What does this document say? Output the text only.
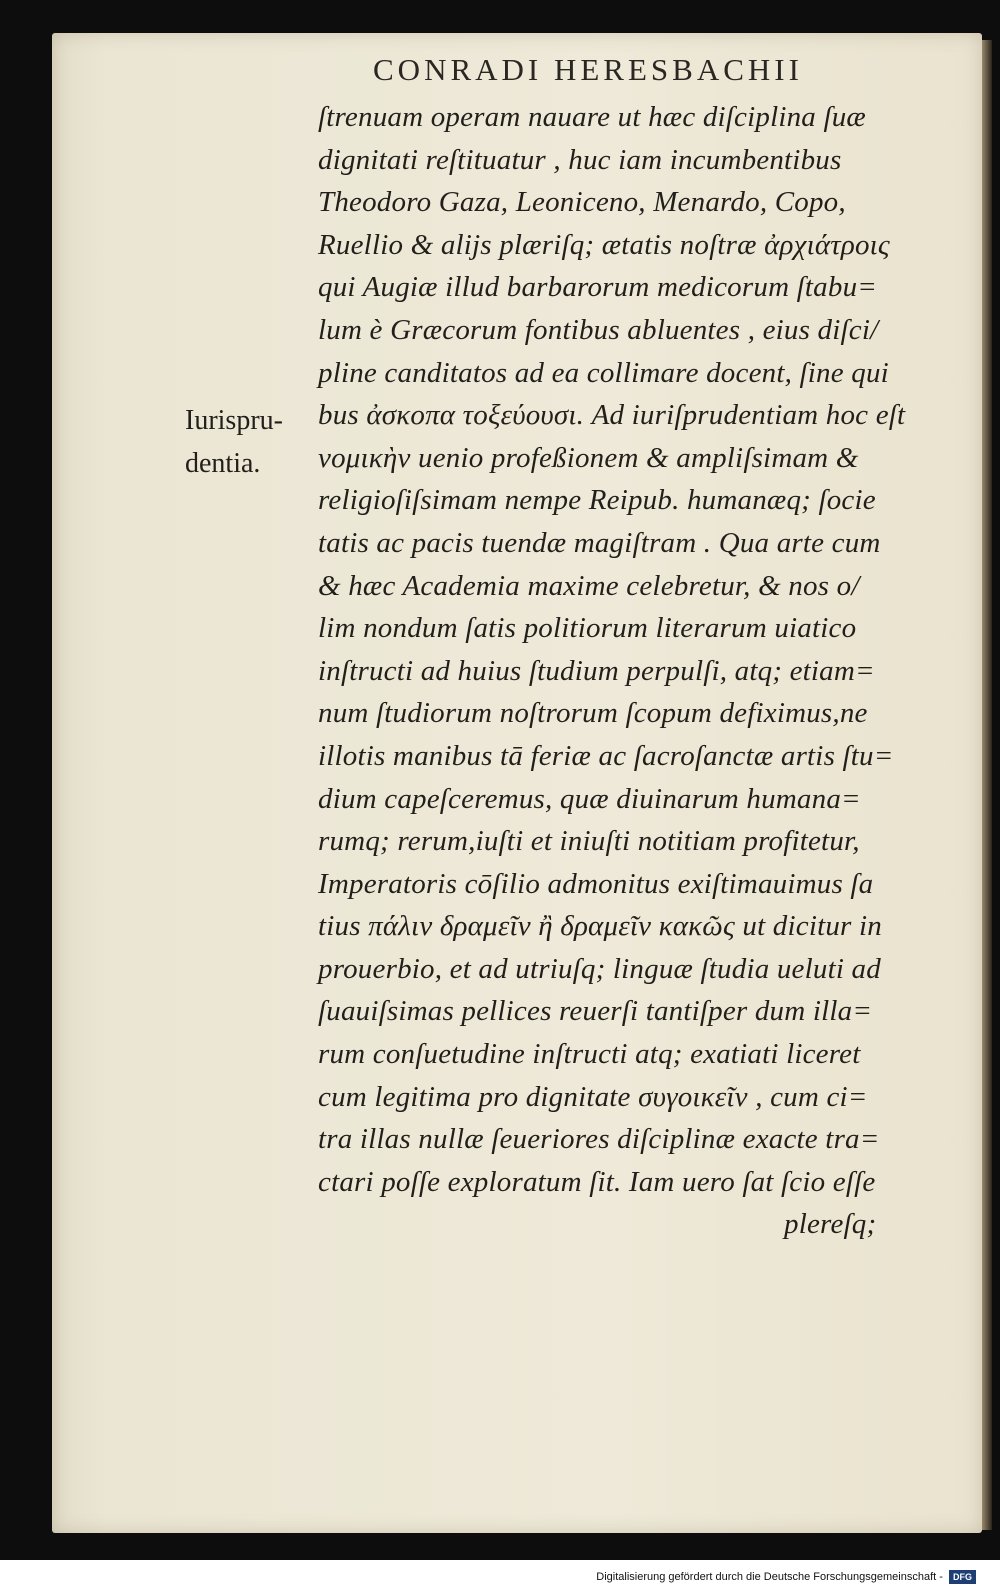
CONRADI HERESBACHII
Iurispru-
dentia.
ſtrenuam operam nauare ut hæc diſciplina ſuæ
dignitati reſtituatur , huc iam incumbentibus
Theodoro Gaza, Leoniceno, Menardo, Copo,
Ruellio & alijs plæriſq; ætatis noſtræ ἀρχιάτροις
qui Augiæ illud barbarorum medicorum ſtabu=
lum è Græcorum fontibus abluentes , eius diſci/
pline canditatos ad ea collimare docent, ſine qui
bus ἀσκοπα τοξεύουσι. Ad iuriſprudentiam hoc eſt
νομικὴν uenio profeßionem & ampliſsimam &
religioſiſsimam nempe Reipub. humanæq; ſocie
tatis ac pacis tuendæ magiſtram . Qua arte cum
& hæc Academia maxime celebretur, & nos o/
lim nondum ſatis politiorum literarum uiatico
inſtructi ad huius ſtudium perpulſi, atq; etiam=
num ſtudiorum noſtrorum ſcopum defiximus,ne
illotis manibus tā feriæ ac ſacroſanctæ artis ſtu=
dium capeſceremus, quæ diuinarum humana=
rumq; rerum,iuſti et iniuſti notitiam profitetur,
Imperatoris cōſilio admonitus exiſtimauimus ſa
tius πάλιν δραμεῖν ἢ δραμεῖν κακῶς ut dicitur in
prouerbio, et ad utriuſq; linguæ ſtudia ueluti ad
ſuauiſsimas pellices reuerſi tantiſper dum illa=
rum conſuetudine inſtructi atq; exatiati liceret
cum legitima pro dignitate συγοικεῖν , cum ci=
tra illas nullæ ſeueriores diſciplinæ exacte tra=
ctari poſſe exploratum ſit. Iam uero ſat ſcio eſſe
plereſq;
Digitalisierung gefördert durch die Deutsche Forschungsgemeinschaft - DFG
